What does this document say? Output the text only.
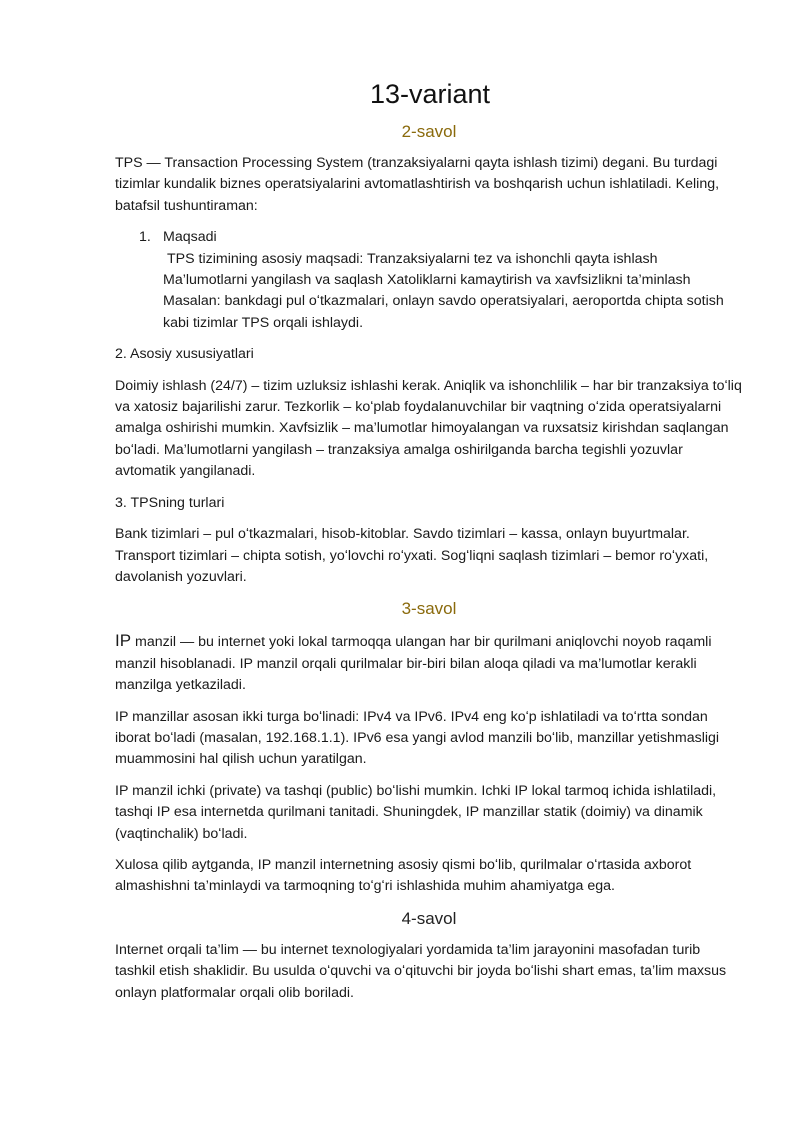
13-variant
2-savol

TPS — Transaction Processing System (tranzaksiyalarni qayta ishlash tizimi) degani. Bu turdagi tizimlar kundalik biznes operatsiyalarini avtomatlashtirish va boshqarish uchun ishlatiladi. Keling, batafsil tushuntiraman:

1. Maqsadi
TPS tizimining asosiy maqsadi: Tranzaksiyalarni tez va ishonchli qayta ishlash
Ma’lumotlarni yangilash va saqlash Xatoliklarni kamaytirish va xavfsizlikni ta’minlash
Masalan: bankdagi pul oʻtkazmalari, onlayn savdo operatsiyalari, aeroportda chipta sotish kabi tizimlar TPS orqali ishlaydi.

2. Asosiy xususiyatlari

Doimiy ishlash (24/7) – tizim uzluksiz ishlashi kerak. Aniqlik va ishonchlilik – har bir tranzaksiya toʻliq va xatosiz bajarilishi zarur. Tezkorlik – koʻplab foydalanuvchilar bir vaqtning oʻzida operatsiyalarni amalga oshirishi mumkin. Xavfsizlik – ma’lumotlar himoyalangan va ruxsatsiz kirishdan saqlangan boʻladi. Ma’lumotlarni yangilash – tranzaksiya amalga oshirilganda barcha tegishli yozuvlar avtomatik yangilanadi.

3. TPSning turlari

Bank tizimlari – pul oʻtkazmalari, hisob-kitoblar. Savdo tizimlari – kassa, onlayn buyurtmalar. Transport tizimlari – chipta sotish, yoʻlovchi roʻyxati. Sogʻliqni saqlash tizimlari – bemor roʻyxati, davolanish yozuvlari.

3-savol

IP manzil — bu internet yoki lokal tarmoqqa ulangan har bir qurilmani aniqlovchi noyob raqamli manzil hisoblanadi. IP manzil orqali qurilmalar bir-biri bilan aloqa qiladi va ma’lumotlar kerakli manzilga yetkaziladi.

IP manzillar asosan ikki turga boʻlinadi: IPv4 va IPv6. IPv4 eng koʻp ishlatiladi va toʻrtta sondan iborat boʻladi (masalan, 192.168.1.1). IPv6 esa yangi avlod manzili boʻlib, manzillar yetishmasligi muammosini hal qilish uchun yaratilgan.

IP manzil ichki (private) va tashqi (public) boʻlishi mumkin. Ichki IP lokal tarmoq ichida ishlatiladi, tashqi IP esa internetda qurilmani tanitadi. Shuningdek, IP manzillar statik (doimiy) va dinamik (vaqtinchalik) boʻladi.

Xulosa qilib aytganda, IP manzil internetning asosiy qismi boʻlib, qurilmalar oʻrtasida axborot almashishni ta’minlaydi va tarmoqning toʻgʻri ishlashida muhim ahamiyatga ega.

4-savol

Internet orqali ta’lim — bu internet texnologiyalari yordamida ta’lim jarayonini masofadan turib tashkil etish shaklidir. Bu usulda oʻquvchi va oʻqituvchi bir joyda boʻlishi shart emas, ta’lim maxsus onlayn platformalar orqali olib boriladi.
